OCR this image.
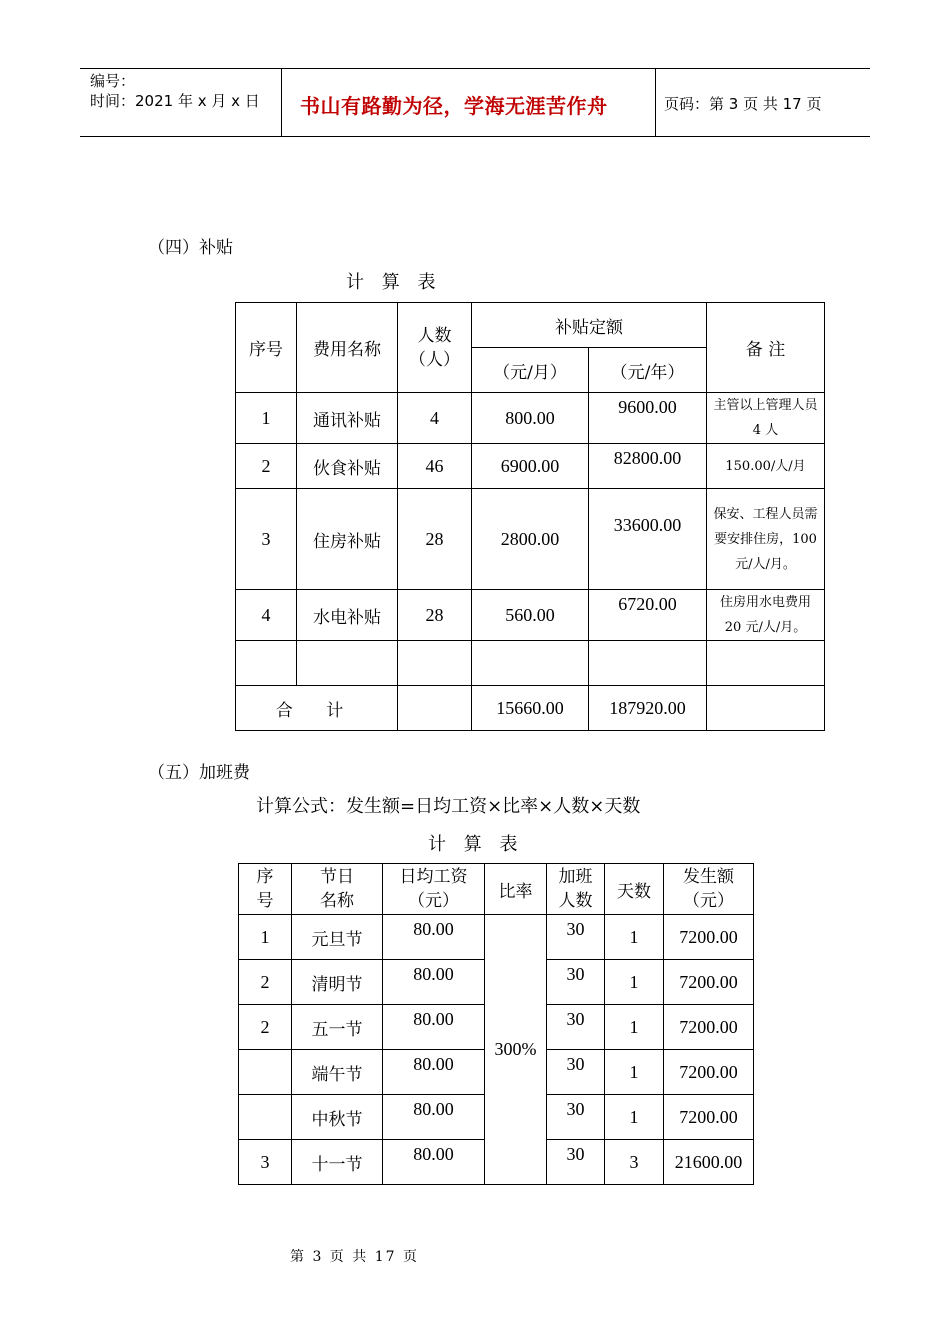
编号：
时间：2021 年 x 月 x 日 书山有路勤为径，学海无涯苦作舟	页码：第 3 页 共 17 页
（四）补贴
计 算 表
序号	费用名称	人数（人）	补贴定额		备 注
			（元/月）	（元/年）	
1	通讯补贴	4	800.00	9600.00	主管以上管理人员 4 人
2	伙食补贴	46	6900.00	82800.00	150.00/人/月
3	住房补贴	28	2800.00	33600.00	保安、工程人员需要安排住房，100 元/人/月。
4	水电补贴	28	560.00	6720.00	住房用水电费用 20 元/人/月。

合 计			15660.00	187920.00	
（五）加班费
计算公式：发生额=日均工资×比率×人数×天数
计 算 表
序号	节日名称	日均工资（元）	比率	加班人数	天数	发生额（元）
1	元旦节	80.00	300%	30	1	7200.00
2	清明节	80.00		30	1	7200.00
2	五一节	80.00		30	1	7200.00
	端午节	80.00		30	1	7200.00
	中秋节	80.00		30	1	7200.00
3	十一节	80.00		30	3	21600.00
第 3 页 共 17 页
